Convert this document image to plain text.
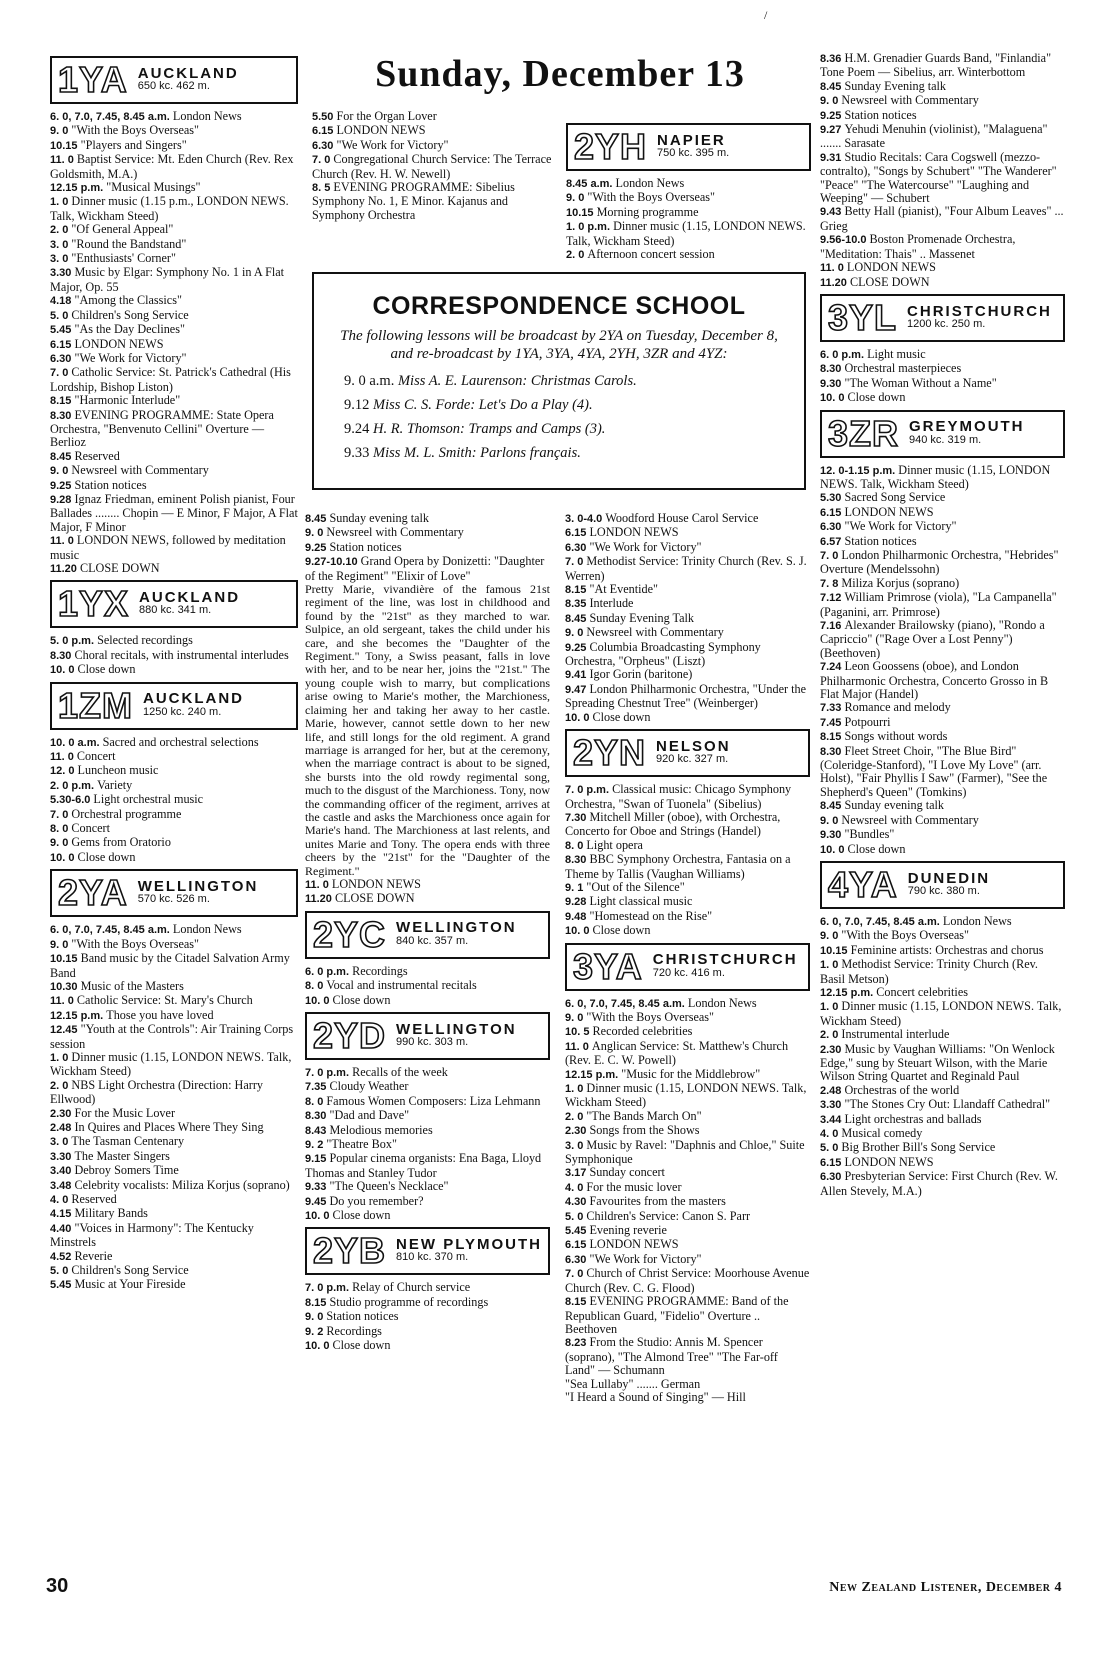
/
Sunday, December 13
1YA AUCKLAND
650 kc. 462 m.
6. 0, 7.0, 7.45, 8.45 a.m. London News
9. 0 "With the Boys Overseas"
10.15 "Players and Singers"
11. 0 Baptist Service: Mt. Eden Church (Rev. Rex Goldsmith, M.A.)
12.15 p.m. "Musical Musings"
1. 0 Dinner music (1.15 p.m., LONDON NEWS. Talk, Wickham Steed)
2. 0 "Of General Appeal"
3. 0 "Round the Bandstand"
3. 0 "Enthusiasts' Corner"
3.30 Music by Elgar: Symphony No. 1 in A Flat Major, Op. 55
4.18 "Among the Classics"
5. 0 Children's Song Service
5.45 "As the Day Declines"
6.15 LONDON NEWS
6.30 "We Work for Victory"
7. 0 Catholic Service: St. Patrick's Cathedral (His Lordship, Bishop Liston)
8.15 "Harmonic Interlude"
8.30 EVENING PROGRAMME: State Opera Orchestra, "Benvenuto Cellini" Overture — Berlioz
8.45 Reserved
9. 0 Newsreel with Commentary
9.25 Station notices
9.28 Ignaz Friedman, eminent Polish pianist, Four Ballades ........ Chopin — E Minor, F Major, A Flat Major, F Minor
11. 0 LONDON NEWS, followed by meditation music
11.20 CLOSE DOWN
1YX AUCKLAND
880 kc. 341 m.
5. 0 p.m. Selected recordings
8.30 Choral recitals, with instrumental interludes
10. 0 Close down
1ZM AUCKLAND
1250 kc. 240 m.
10. 0 a.m. Sacred and orchestral selections
11. 0 Concert
12. 0 Luncheon music
2. 0 p.m. Variety
5.30-6.0 Light orchestral music
7. 0 Orchestral programme
8. 0 Concert
9. 0 Gems from Oratorio
10. 0 Close down
2YA WELLINGTON
570 kc. 526 m.
6. 0, 7.0, 7.45, 8.45 a.m. London News
9. 0 "With the Boys Overseas"
10.15 Band music by the Citadel Salvation Army Band
10.30 Music of the Masters
11. 0 Catholic Service: St. Mary's Church
12.15 p.m. Those you have loved
12.45 "Youth at the Controls": Air Training Corps session
1. 0 Dinner music (1.15, LONDON NEWS. Talk, Wickham Steed)
2. 0 NBS Light Orchestra (Direction: Harry Ellwood)
2.30 For the Music Lover
2.48 In Quires and Places Where They Sing
3. 0 The Tasman Centenary
3.30 The Master Singers
3.40 Debroy Somers Time
3.48 Celebrity vocalists: Miliza Korjus (soprano)
4. 0 Reserved
4.15 Military Bands
4.40 "Voices in Harmony": The Kentucky Minstrels
4.52 Reverie
5. 0 Children's Song Service
5.45 Music at Your Fireside
5.50 For the Organ Lover
6.15 LONDON NEWS
6.30 "We Work for Victory"
7. 0 Congregational Church Service: The Terrace Church (Rev. H. W. Newell)
8. 5 EVENING PROGRAMME: Sibelius Symphony No. 1, E Minor. Kajanus and Symphony Orchestra
2YH NAPIER
750 kc. 395 m.
8.45 a.m. London News
9. 0 "With the Boys Overseas"
10.15 Morning programme
1. 0 p.m. Dinner music (1.15, LONDON NEWS. Talk, Wickham Steed)
2. 0 Afternoon concert session
CORRESPONDENCE SCHOOL

The following lessons will be broadcast by 2YA on Tuesday, December 8, and re-broadcast by 1YA, 3YA, 4YA, 2YH, 3ZR and 4YZ:

9. 0 a.m. Miss A. E. Laurenson: Christmas Carols.
9.12 Miss C. S. Forde: Let's Do a Play (4).
9.24 H. R. Thomson: Tramps and Camps (3).
9.33 Miss M. L. Smith: Parlons français.
8.45 Sunday evening talk
9. 0 Newsreel with Commentary
9.25 Station notices
9.27-10.10 Grand Opera by Donizetti: "Daughter of the Regiment" "Elixir of Love"
Pretty Marie, vivandière of the famous 21st regiment of the line, was lost in childhood and found by the "21st" as they marched to war. Sulpice, an old sergeant, takes the child under his care, and she becomes the "Daughter of the Regiment." Tony, a Swiss peasant, falls in love with her, and to be near her, joins the "21st." The young couple wish to marry, but complications arise owing to Marie's mother, the Marchioness, claiming her and taking her away to her castle. Marie, however, cannot settle down to her new life, and still longs for the old regiment. A grand marriage is arranged for her, but at the ceremony, when the marriage contract is about to be signed, she bursts into the old rowdy regimental song, much to the disgust of the Marchioness. Tony, now the commanding officer of the regiment, arrives at the castle and asks the Marchioness once again for Marie's hand. The Marchioness at last relents, and unites Marie and Tony. The opera ends with three cheers by the "21st" for the "Daughter of the Regiment."
11. 0 LONDON NEWS
11.20 CLOSE DOWN
2YC WELLINGTON
840 kc. 357 m.
6. 0 p.m. Recordings
8. 0 Vocal and instrumental recitals
10. 0 Close down
2YD WELLINGTON
990 kc. 303 m.
7. 0 p.m. Recalls of the week
7.35 Cloudy Weather
8. 0 Famous Women Composers: Liza Lehmann
8.30 "Dad and Dave"
8.43 Melodious memories
9. 2 "Theatre Box"
9.15 Popular cinema organists: Ena Baga, Lloyd Thomas and Stanley Tudor
9.33 "The Queen's Necklace"
9.45 Do you remember?
10. 0 Close down
2YB NEW PLYMOUTH
810 kc. 370 m.
7. 0 p.m. Relay of Church service
8.15 Studio programme of recordings
9. 0 Station notices
9. 2 Recordings
10. 0 Close down
3. 0-4.0 Woodford House Carol Service
6.15 LONDON NEWS
6.30 "We Work for Victory"
7. 0 Methodist Service: Trinity Church (Rev. S. J. Werren)
8.15 "At Eventide"
8.35 Interlude
8.45 Sunday Evening Talk
9. 0 Newsreel with Commentary
9.25 Columbia Broadcasting Symphony Orchestra, "Orpheus" (Liszt)
9.41 Igor Gorin (baritone)
9.47 London Philharmonic Orchestra, "Under the Spreading Chestnut Tree" (Weinberger)
10. 0 Close down
2YN NELSON
920 kc. 327 m.
7. 0 p.m. Classical music: Chicago Symphony Orchestra, "Swan of Tuonela" (Sibelius)
7.30 Mitchell Miller (oboe), with Orchestra, Concerto for Oboe and Strings (Handel)
8. 0 Light opera
8.30 BBC Symphony Orchestra, Fantasia on a Theme by Tallis (Vaughan Williams)
9. 1 "Out of the Silence"
9.28 Light classical music
9.48 "Homestead on the Rise"
10. 0 Close down
3YA CHRISTCHURCH
720 kc. 416 m.
6. 0, 7.0, 7.45, 8.45 a.m. London News
9. 0 "With the Boys Overseas"
10. 5 Recorded celebrities
11. 0 Anglican Service: St. Matthew's Church (Rev. E. C. W. Powell)
12.15 p.m. "Music for the Middlebrow"
1. 0 Dinner music (1.15, LONDON NEWS. Talk, Wickham Steed)
2. 0 "The Bands March On"
2.30 Songs from the Shows
3. 0 Music by Ravel: "Daphnis and Chloe," Suite Symphonique
3.17 Sunday concert
4. 0 For the music lover
4.30 Favourites from the masters
5. 0 Children's Service: Canon S. Parr
5.45 Evening reverie
6.15 LONDON NEWS
6.30 "We Work for Victory"
7. 0 Church of Christ Service: Moorhouse Avenue Church (Rev. C. G. Flood)
8.15 EVENING PROGRAMME: Band of the Republican Guard, "Fidelio" Overture .. Beethoven
8.23 From the Studio: Annis M. Spencer (soprano), "The Almond Tree" "The Far-off Land" — Schumann
"Sea Lullaby" ....... German
"I Heard a Sound of Singing" — Hill
8.36 H.M. Grenadier Guards Band, "Finlandia" Tone Poem — Sibelius, arr. Winterbottom
8.45 Sunday Evening talk
9. 0 Newsreel with Commentary
9.25 Station notices
9.27 Yehudi Menuhin (violinist), "Malaguena" ....... Sarasate
9.31 Studio Recitals: Cara Cogswell (mezzo-contralto), "Songs by Schubert" "The Wanderer" "Peace" "The Watercourse" "Laughing and Weeping" — Schubert
9.43 Betty Hall (pianist), "Four Album Leaves" ... Grieg
9.56-10.0 Boston Promenade Orchestra, "Meditation: Thais" .. Massenet
11. 0 LONDON NEWS
11.20 CLOSE DOWN
3YL CHRISTCHURCH
1200 kc. 250 m.
6. 0 p.m. Light music
8.30 Orchestral masterpieces
9.30 "The Woman Without a Name"
10. 0 Close down
3ZR GREYMOUTH
940 kc. 319 m.
12. 0-1.15 p.m. Dinner music (1.15, LONDON NEWS. Talk, Wickham Steed)
5.30 Sacred Song Service
6.15 LONDON NEWS
6.30 "We Work for Victory"
6.57 Station notices
7. 0 London Philharmonic Orchestra, "Hebrides" Overture (Mendelssohn)
7. 8 Miliza Korjus (soprano)
7.12 William Primrose (viola), "La Campanella" (Paganini, arr. Primrose)
7.16 Alexander Brailowsky (piano), "Rondo a Capriccio" ("Rage Over a Lost Penny") (Beethoven)
7.24 Leon Goossens (oboe), and London Philharmonic Orchestra, Concerto Grosso in B Flat Major (Handel)
7.33 Romance and melody
7.45 Potpourri
8.15 Songs without words
8.30 Fleet Street Choir, "The Blue Bird" (Coleridge-Stanford), "I Love My Love" (arr. Holst), "Fair Phyllis I Saw" (Farmer), "See the Shepherd's Queen" (Tomkins)
8.45 Sunday evening talk
9. 0 Newsreel with Commentary
9.30 "Bundles"
10. 0 Close down
4YA DUNEDIN
790 kc. 380 m.
6. 0, 7.0, 7.45, 8.45 a.m. London News
9. 0 "With the Boys Overseas"
10.15 Feminine artists: Orchestras and chorus
1. 0 Methodist Service: Trinity Church (Rev. Basil Metson)
12.15 p.m. Concert celebrities
1. 0 Dinner music (1.15, LONDON NEWS. Talk, Wickham Steed)
2. 0 Instrumental interlude
2.30 Music by Vaughan Williams: "On Wenlock Edge," sung by Steuart Wilson, with the Marie Wilson String Quartet and Reginald Paul
2.48 Orchestras of the world
3.30 "The Stones Cry Out: Llandaff Cathedral"
3.44 Light orchestras and ballads
4. 0 Musical comedy
5. 0 Big Brother Bill's Song Service
6.15 LONDON NEWS
6.30 Presbyterian Service: First Church (Rev. W. Allen Stevely, M.A.)
30	New Zealand Listener, December 4
